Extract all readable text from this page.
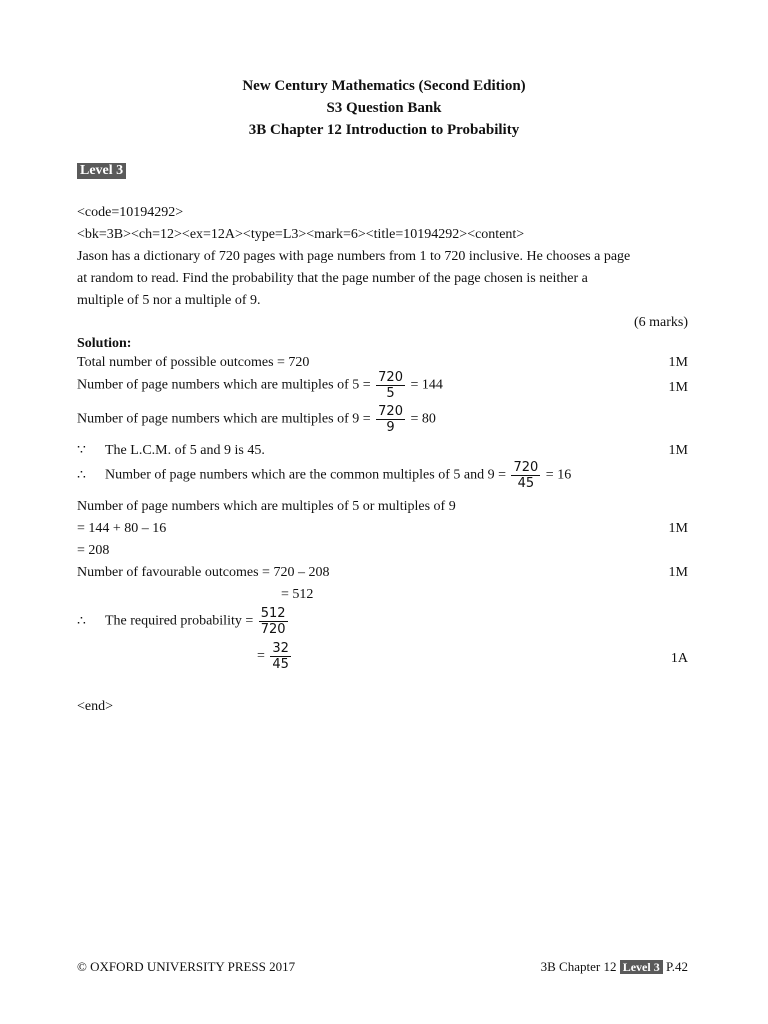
New Century Mathematics (Second Edition)
S3 Question Bank
3B Chapter 12 Introduction to Probability
Level 3
<code=10194292>
<bk=3B><ch=12><ex=12A><type=L3><mark=6><title=10194292><content>
Jason has a dictionary of 720 pages with page numbers from 1 to 720 inclusive. He chooses a page
at random to read. Find the probability that the page number of the page chosen is neither a
multiple of 5 nor a multiple of 9.
(6 marks)
Solution:
Total number of possible outcomes = 720	1M
Number of page numbers which are multiples of $5 = \frac{720}{5} = 144$	1M
Number of page numbers which are multiples of $9 = \frac{720}{9} = 80$
∵ The L.C.M. of 5 and 9 is 45.	1M
∴ Number of page numbers which are the common multiples of 5 and $9 = \frac{720}{45} = 16$
Number of page numbers which are multiples of 5 or multiples of 9
= 144 + 80 – 16	1M
= 208
Number of favourable outcomes = 720 – 208	1M
= 512
∴ The required probability = $\frac{512}{720}$
= $\frac{32}{45}$	1A
<end>
© OXFORD UNIVERSITY PRESS 2017	3B Chapter 12 Level 3 P.42
